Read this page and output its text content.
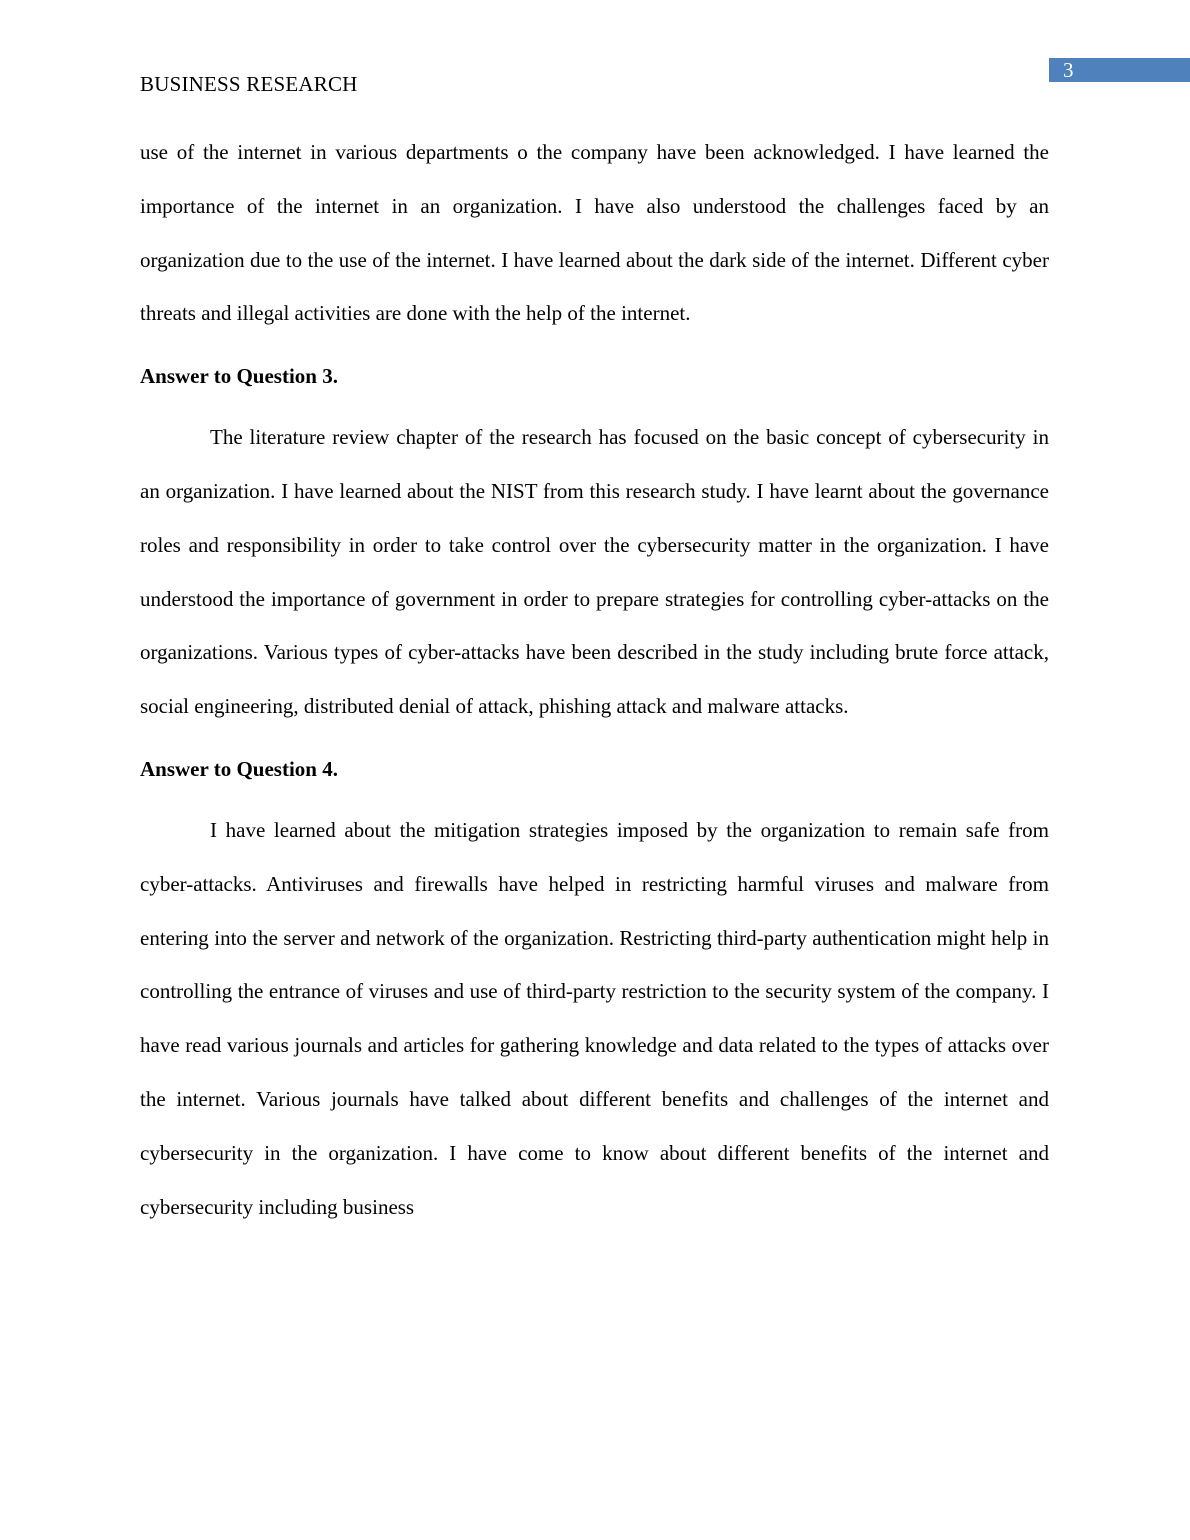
3
BUSINESS RESEARCH

use of the internet in various departments o the company have been acknowledged. I have learned the importance of the internet in an organization. I have also understood the challenges faced by an organization due to the use of the internet. I have learned about the dark side of the internet. Different cyber threats and illegal activities are done with the help of the internet.

Answer to Question 3.

The literature review chapter of the research has focused on the basic concept of cybersecurity in an organization. I have learned about the NIST from this research study. I have learnt about the governance roles and responsibility in order to take control over the cybersecurity matter in the organization. I have understood the importance of government in order to prepare strategies for controlling cyber-attacks on the organizations. Various types of cyber-attacks have been described in the study including brute force attack, social engineering, distributed denial of attack, phishing attack and malware attacks.

Answer to Question 4.

I have learned about the mitigation strategies imposed by the organization to remain safe from cyber-attacks. Antiviruses and firewalls have helped in restricting harmful viruses and malware from entering into the server and network of the organization. Restricting third-party authentication might help in controlling the entrance of viruses and use of third-party restriction to the security system of the company. I have read various journals and articles for gathering knowledge and data related to the types of attacks over the internet. Various journals have talked about different benefits and challenges of the internet and cybersecurity in the organization. I have come to know about different benefits of the internet and cybersecurity including business
